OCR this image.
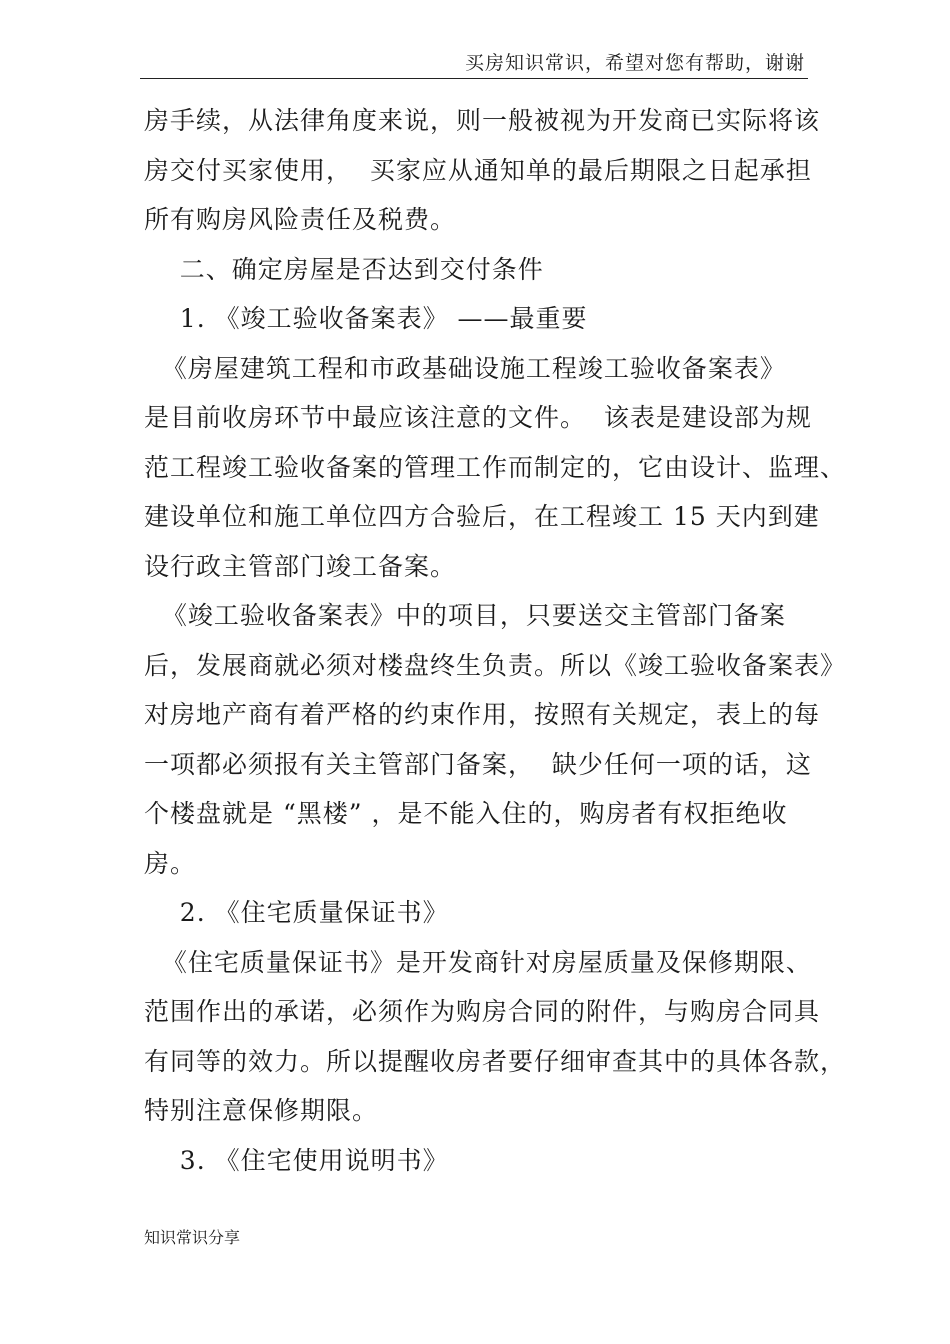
买房知识常识，希望对您有帮助，谢谢
房手续，从法律角度来说，则一般被视为开发商已实际将该
房交付买家使用，  买家应从通知单的最后期限之日起承担
所有购房风险责任及税费。
二、确定房屋是否达到交付条件
1. 《竣工验收备案表》 ——最重要
《房屋建筑工程和市政基础设施工程竣工验收备案表》
是目前收房环节中最应该注意的文件。  该表是建设部为规
范工程竣工验收备案的管理工作而制定的，它由设计、监理、
建设单位和施工单位四方合验后，在工程竣工 15 天内到建
设行政主管部门竣工备案。
《竣工验收备案表》中的项目，只要送交主管部门备案
后，发展商就必须对楼盘终生负责。所以《竣工验收备案表》
对房地产商有着严格的约束作用，按照有关规定，表上的每
一项都必须报有关主管部门备案，  缺少任何一项的话，这
个楼盘就是 “黑楼” ，是不能入住的，购房者有权拒绝收
房。
2. 《住宅质量保证书》
《住宅质量保证书》是开发商针对房屋质量及保修期限、
范围作出的承诺，必须作为购房合同的附件，与购房合同具
有同等的效力。所以提醒收房者要仔细审查其中的具体各款，
特别注意保修期限。
3. 《住宅使用说明书》
知识常识分享
